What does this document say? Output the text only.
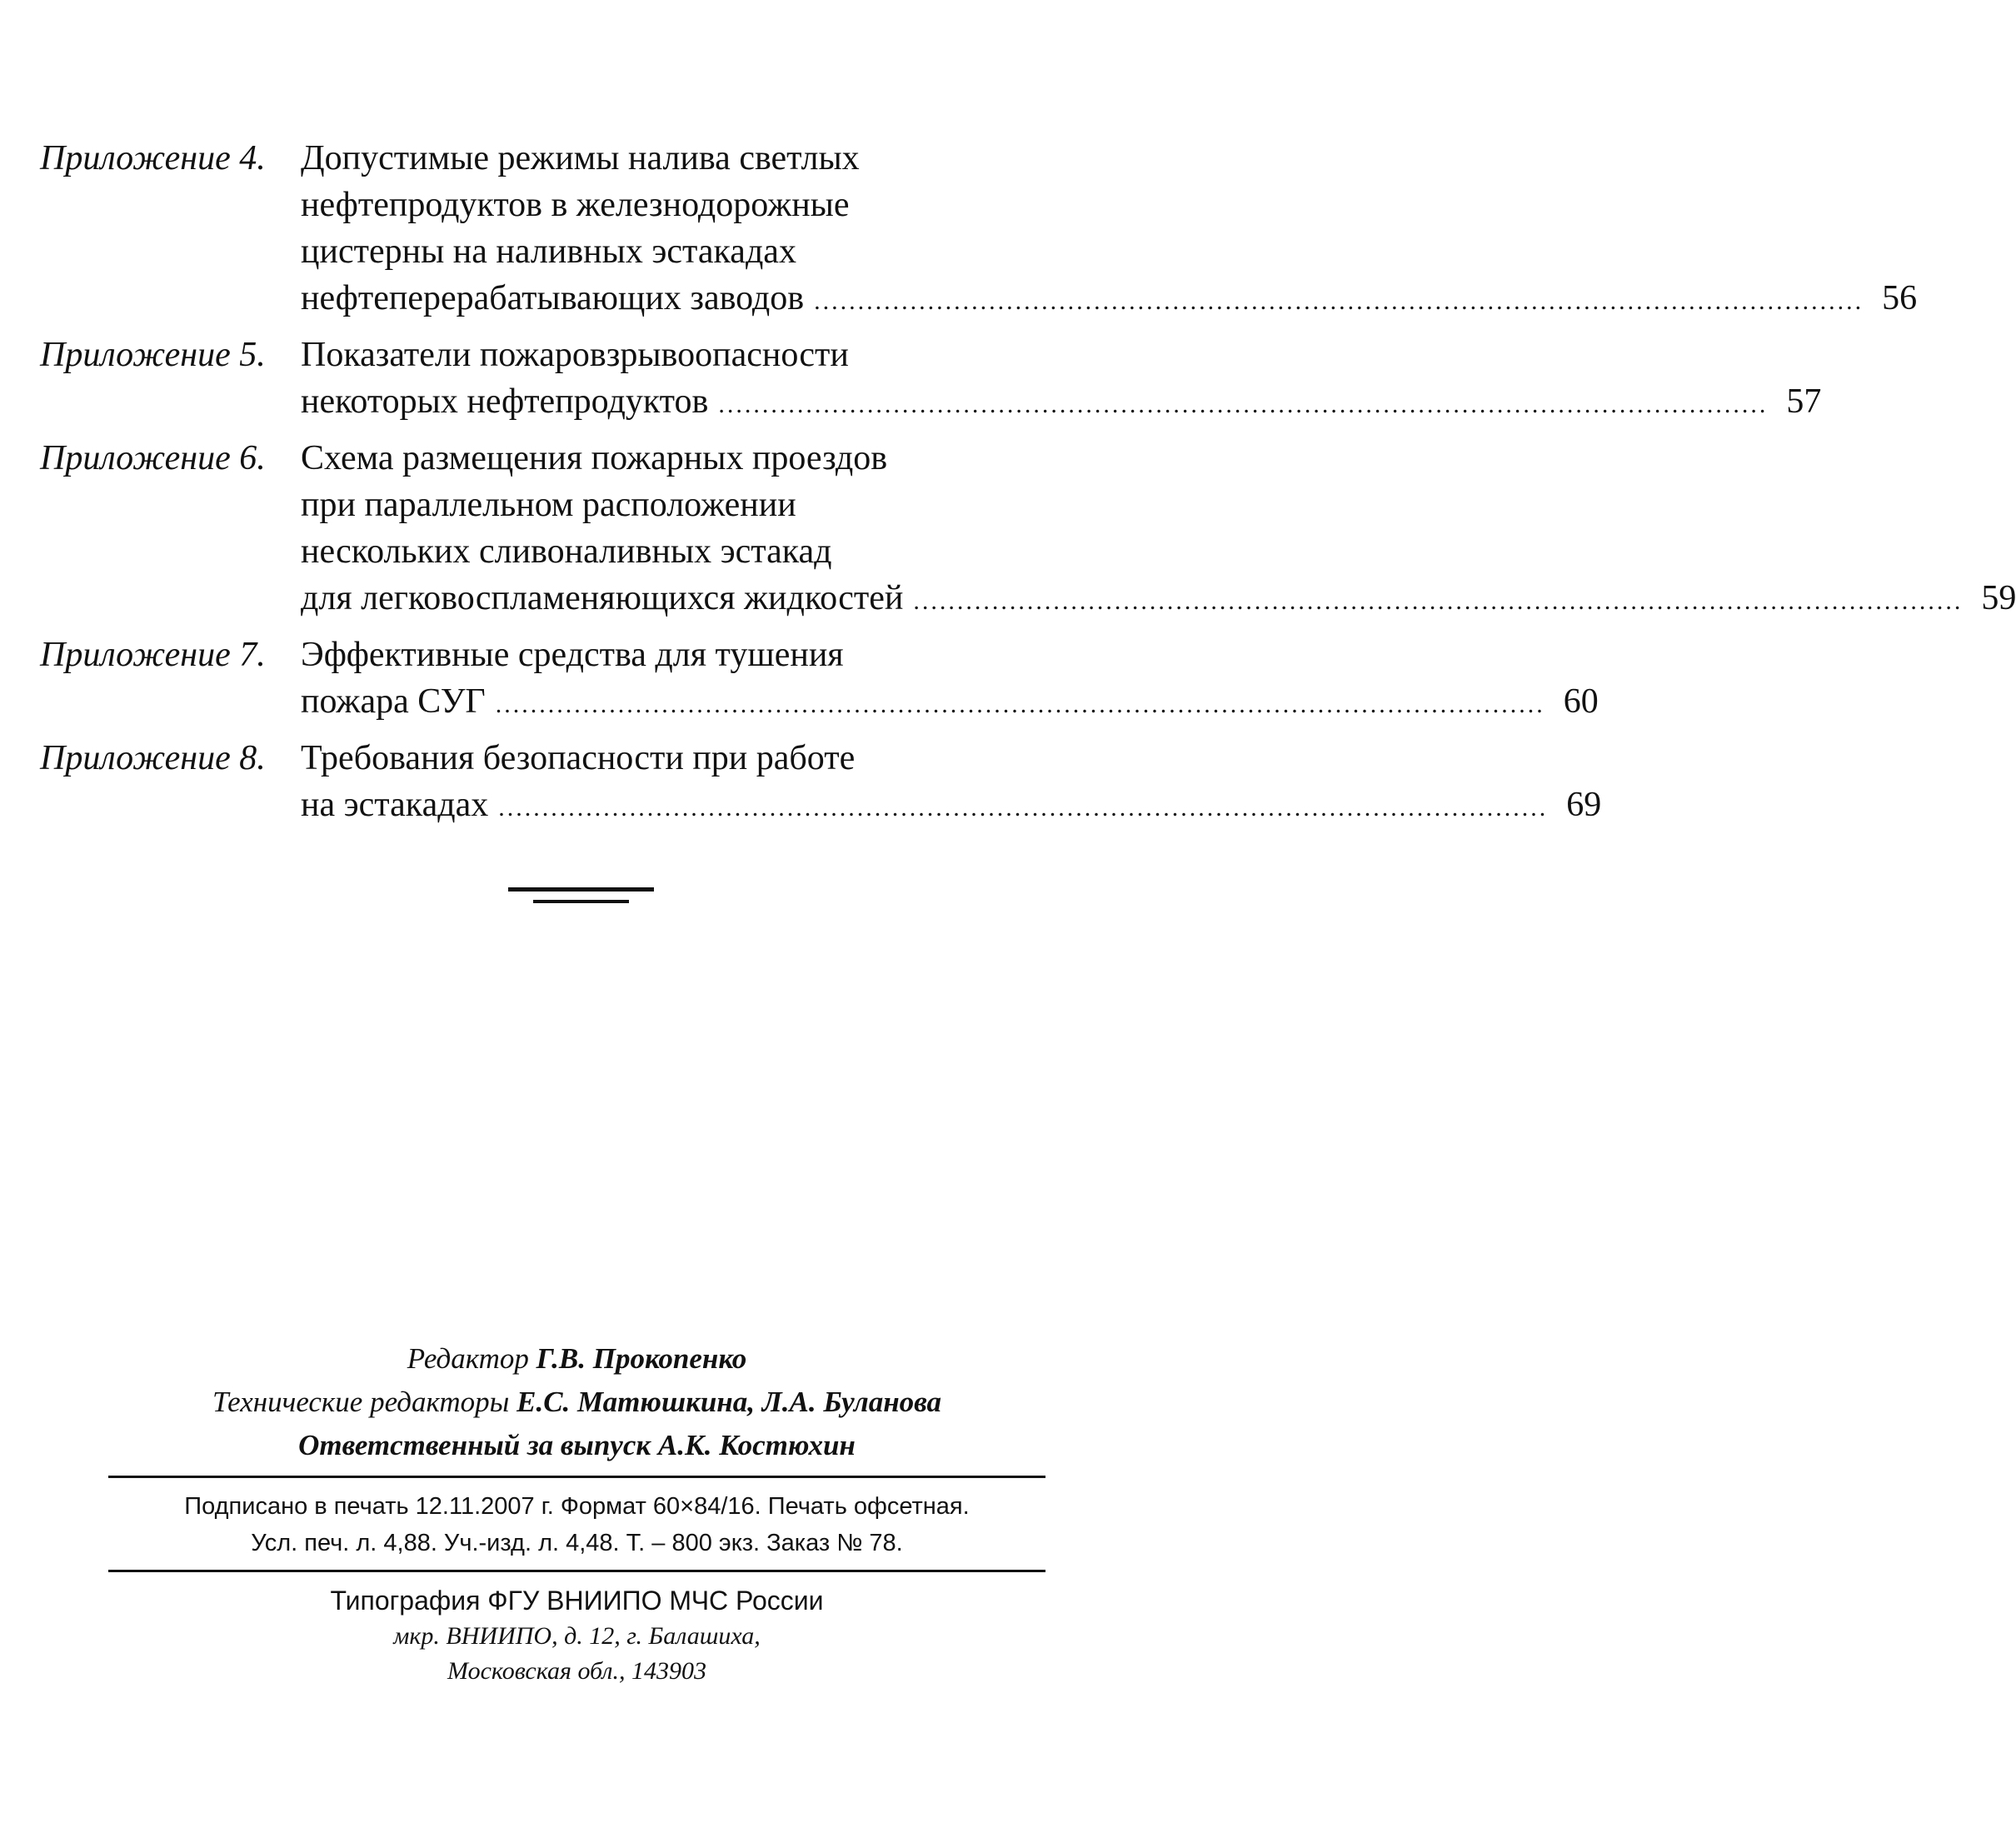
Приложение 4.	Допустимые режимы налива светлых
нефтепродуктов в железнодорожные
цистерны на наливных эстакадах
нефтеперерабатывающих заводов ........................................................................................................................ 56
Приложение 5.	Показатели пожаровзрывоопасности
некоторых нефтепродуктов ........................................................................................................................ 57
Приложение 6.	Схема размещения пожарных проездов
при параллельном расположении
нескольких сливоналивных эстакад
для легковоспламеняющихся жидкостей ........................................................................................................................ 59
Приложение 7.	Эффективные средства для тушения
пожара СУГ ........................................................................................................................ 60
Приложение 8.	Требования безопасности при работе
на эстакадах ........................................................................................................................ 69
Редактор Г.В. Прокопенко
Технические редакторы Е.С. Матюшкина, Л.А. Буланова
Ответственный за выпуск А.К. Костюхин
Подписано в печать 12.11.2007 г. Формат 60×84/16. Печать офсетная.
Усл. печ. л. 4,88. Уч.-изд. л. 4,48. Т. – 800 экз. Заказ № 78.
Типография ФГУ ВНИИПО МЧС России
мкр. ВНИИПО, д. 12, г. Балашиха,
Московская обл., 143903
